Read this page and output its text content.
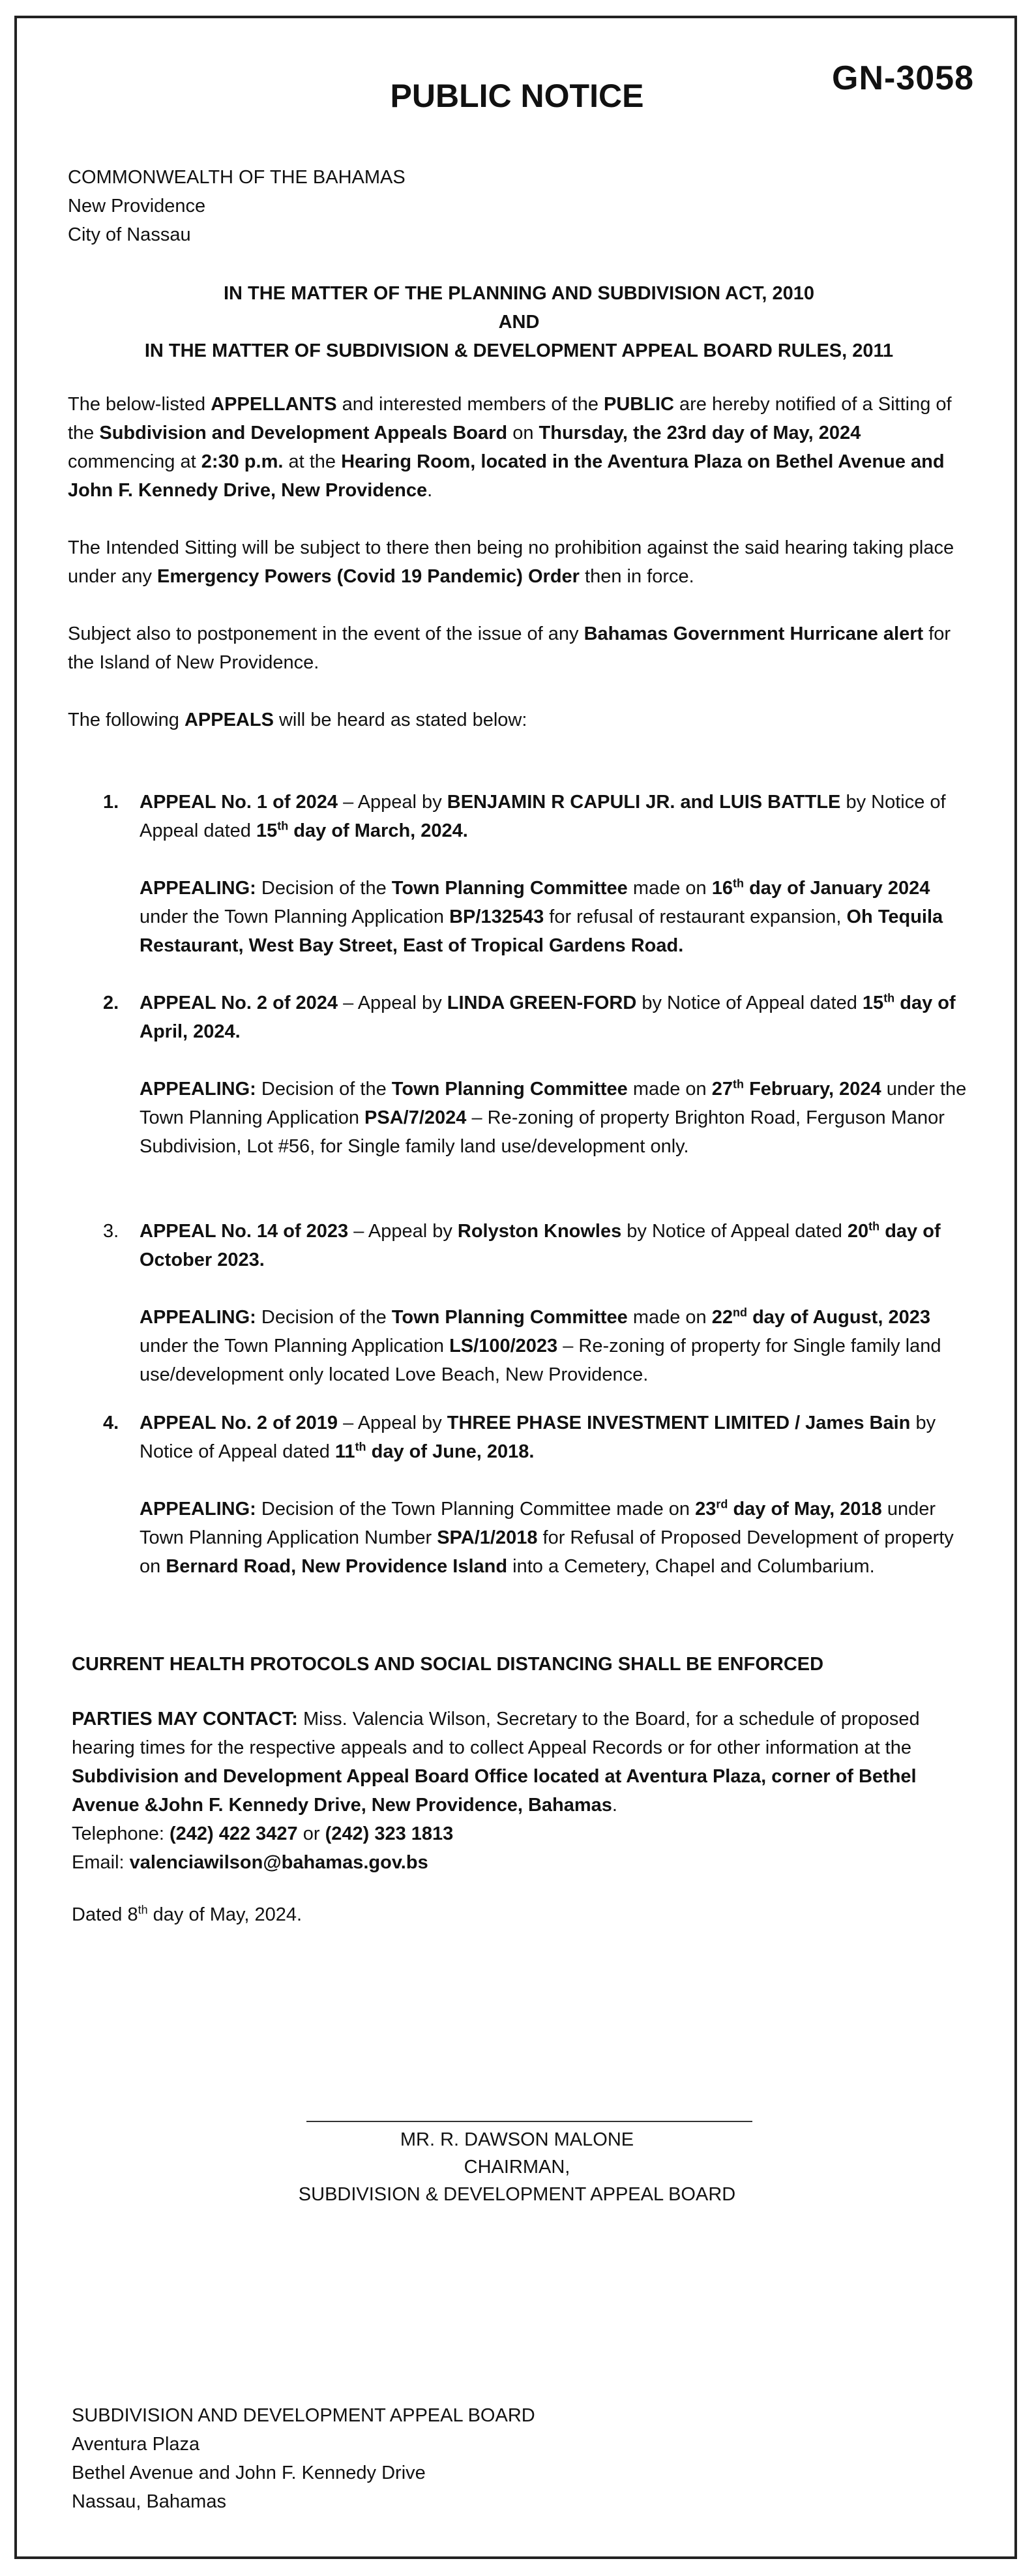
GN-3058
PUBLIC NOTICE

COMMONWEALTH OF THE BAHAMAS

New Providence

City of Nassau

IN THE MATTER OF THE PLANNING AND SUBDIVISION ACT, 2010

AND

IN THE MATTER OF SUBDIVISION & DEVELOPMENT APPEAL BOARD RULES, 2011

The below-listed APPELLANTS and interested members of the PUBLIC are hereby notified of a Sitting of the Subdivision and Development Appeals Board on Thursday, the 23rd day of May, 2024 commencing at 2:30 p.m. at the Hearing Room, located in the Aventura Plaza on Bethel Avenue and John F. Kennedy Drive, New Providence.

The Intended Sitting will be subject to there then being no prohibition against the said hearing taking place under any Emergency Powers (Covid 19 Pandemic) Order then in force.

Subject also to postponement in the event of the issue of any Bahamas Government Hurricane alert for the Island of New Providence.

The following APPEALS will be heard as stated below:

1. APPEAL No. 1 of 2024 – Appeal by BENJAMIN R CAPULI JR. and LUIS BATTLE by Notice of Appeal dated 15th day of March, 2024.

APPEALING: Decision of the Town Planning Committee made on 16th day of January 2024 under the Town Planning Application BP/132543 for refusal of restaurant expansion, Oh Tequila Restaurant, West Bay Street, East of Tropical Gardens Road.

2. APPEAL No. 2 of 2024 – Appeal by LINDA GREEN-FORD by Notice of Appeal dated 15th day of April, 2024.

APPEALING: Decision of the Town Planning Committee made on 27th February, 2024 under the Town Planning Application PSA/7/2024 – Re-zoning of property Brighton Road, Ferguson Manor Subdivision, Lot #56, for Single family land use/development only.

3. APPEAL No. 14 of 2023 – Appeal by Rolyston Knowles by Notice of Appeal dated 20th day of October 2023.

APPEALING: Decision of the Town Planning Committee made on 22nd day of August, 2023 under the Town Planning Application LS/100/2023 – Re-zoning of property for Single family land use/development only located Love Beach, New Providence.

4. APPEAL No. 2 of 2019 – Appeal by THREE PHASE INVESTMENT LIMITED / James Bain by Notice of Appeal dated 11th day of June, 2018.

APPEALING: Decision of the Town Planning Committee made on 23rd day of May, 2018 under Town Planning Application Number SPA/1/2018 for Refusal of Proposed Development of property on Bernard Road, New Providence Island into a Cemetery, Chapel and Columbarium.

CURRENT HEALTH PROTOCOLS AND SOCIAL DISTANCING SHALL BE ENFORCED

PARTIES MAY CONTACT: Miss. Valencia Wilson, Secretary to the Board, for a schedule of proposed hearing times for the respective appeals and to collect Appeal Records or for other information at the Subdivision and Development Appeal Board Office located at Aventura Plaza, corner of Bethel Avenue &John F. Kennedy Drive, New Providence, Bahamas.

Telephone: (242) 422 3427 or (242) 323 1813

Email: valenciawilson@bahamas.gov.bs

Dated 8th day of May, 2024.

MR. R. DAWSON MALONE

CHAIRMAN,

SUBDIVISION & DEVELOPMENT APPEAL BOARD

SUBDIVISION AND DEVELOPMENT APPEAL BOARD

Aventura Plaza

Bethel Avenue and John F. Kennedy Drive

Nassau, Bahamas
